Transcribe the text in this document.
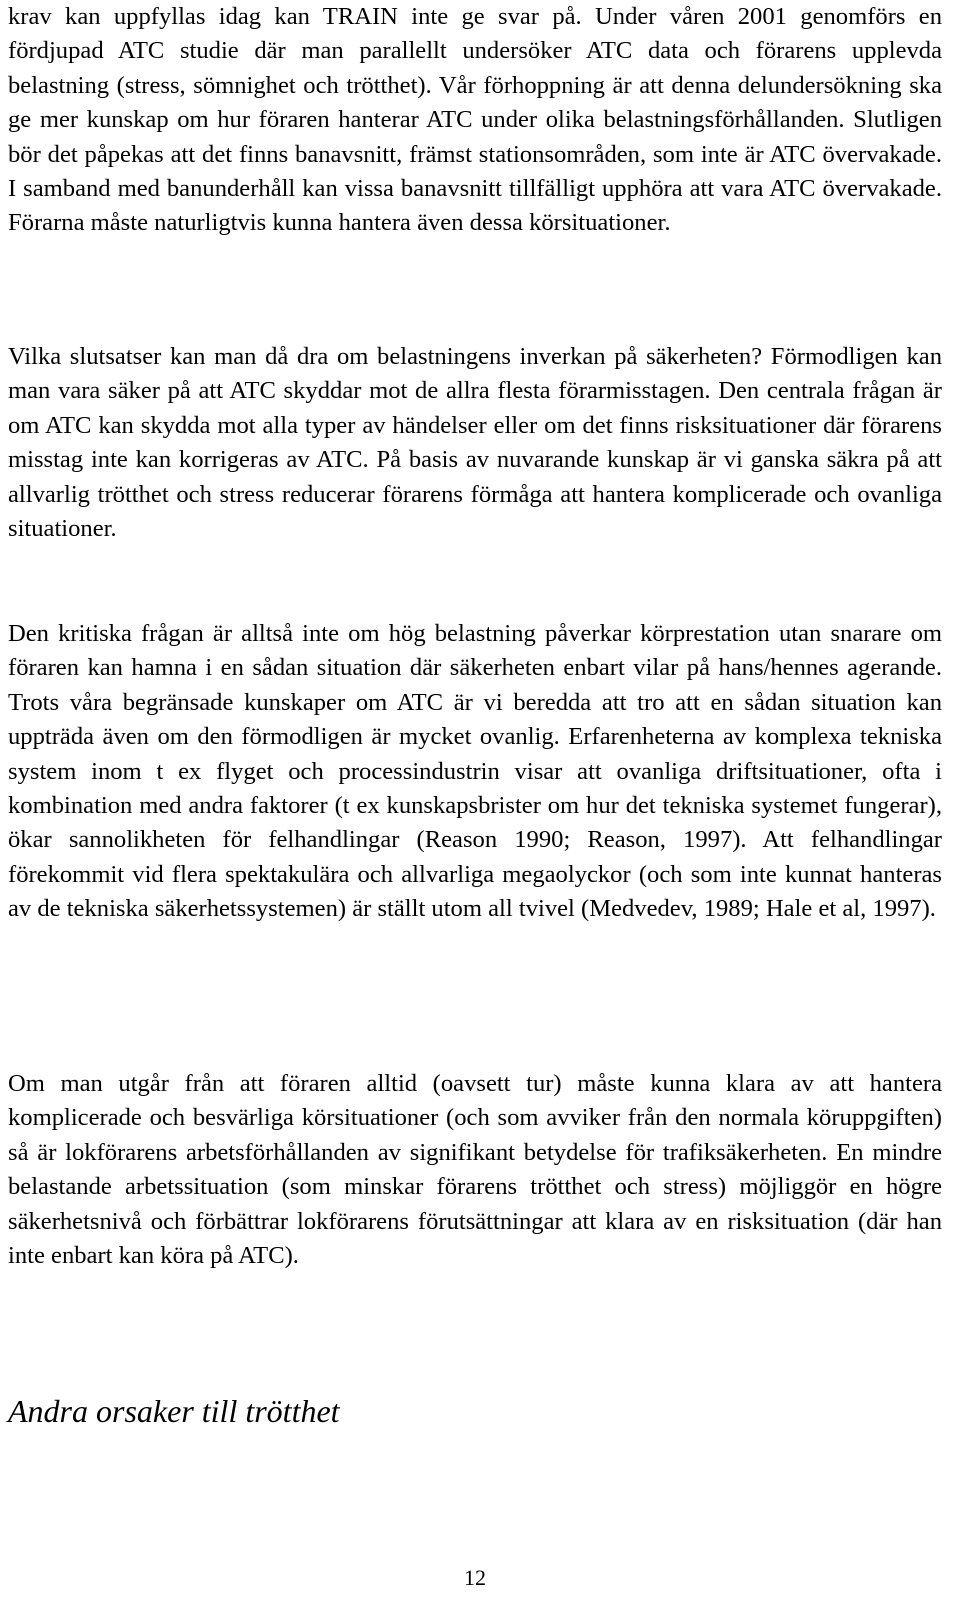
krav kan uppfyllas idag kan TRAIN inte ge svar på. Under våren 2001 genomförs en fördjupad ATC studie där man parallellt undersöker ATC data och förarens upplevda belastning (stress, sömnighet och trötthet). Vår förhoppning är att denna delundersökning ska ge mer kunskap om hur föraren hanterar ATC under olika belastningsförhållanden. Slutligen bör det påpekas att det finns banavsnitt, främst stationsområden, som inte är ATC övervakade. I samband med banunderhåll kan vissa banavsnitt tillfälligt upphöra att vara ATC övervakade. Förarna måste naturligtvis kunna hantera även dessa körsituationer.

Vilka slutsatser kan man då dra om belastningens inverkan på säkerheten? Förmodligen kan man vara säker på att ATC skyddar mot de allra flesta förarmisstagen. Den centrala frågan är om ATC kan skydda mot alla typer av händelser eller om det finns risksituationer där förarens misstag inte kan korrigeras av ATC. På basis av nuvarande kunskap är vi ganska säkra på att allvarlig trötthet och stress reducerar förarens förmåga att hantera komplicerade och ovanliga situationer.

Den kritiska frågan är alltså inte om hög belastning påverkar körprestation utan snarare om föraren kan hamna i en sådan situation där säkerheten enbart vilar på hans/hennes agerande. Trots våra begränsade kunskaper om ATC är vi beredda att tro att en sådan situation kan uppträda även om den förmodligen är mycket ovanlig. Erfarenheterna av komplexa tekniska system inom t ex flyget och processindustrin visar att ovanliga driftsituationer, ofta i kombination med andra faktorer (t ex kunskapsbrister om hur det tekniska systemet fungerar), ökar sannolikheten för felhandlingar (Reason 1990; Reason, 1997). Att felhandlingar förekommit vid flera spektakulära och allvarliga megaolyckor (och som inte kunnat hanteras av de tekniska säkerhetssystemen) är ställt utom all tvivel (Medvedev, 1989; Hale et al, 1997).

Om man utgår från att föraren alltid (oavsett tur) måste kunna klara av att hantera komplicerade och besvärliga körsituationer (och som avviker från den normala köruppgiften) så är lokförarens arbetsförhållanden av signifikant betydelse för trafiksäkerheten. En mindre belastande arbetssituation (som minskar förarens trötthet och stress) möjliggör en högre säkerhetsnivå och förbättrar lokförarens förutsättningar att klara av en risksituation (där han inte enbart kan köra på ATC).

Andra orsaker till trötthet
12
